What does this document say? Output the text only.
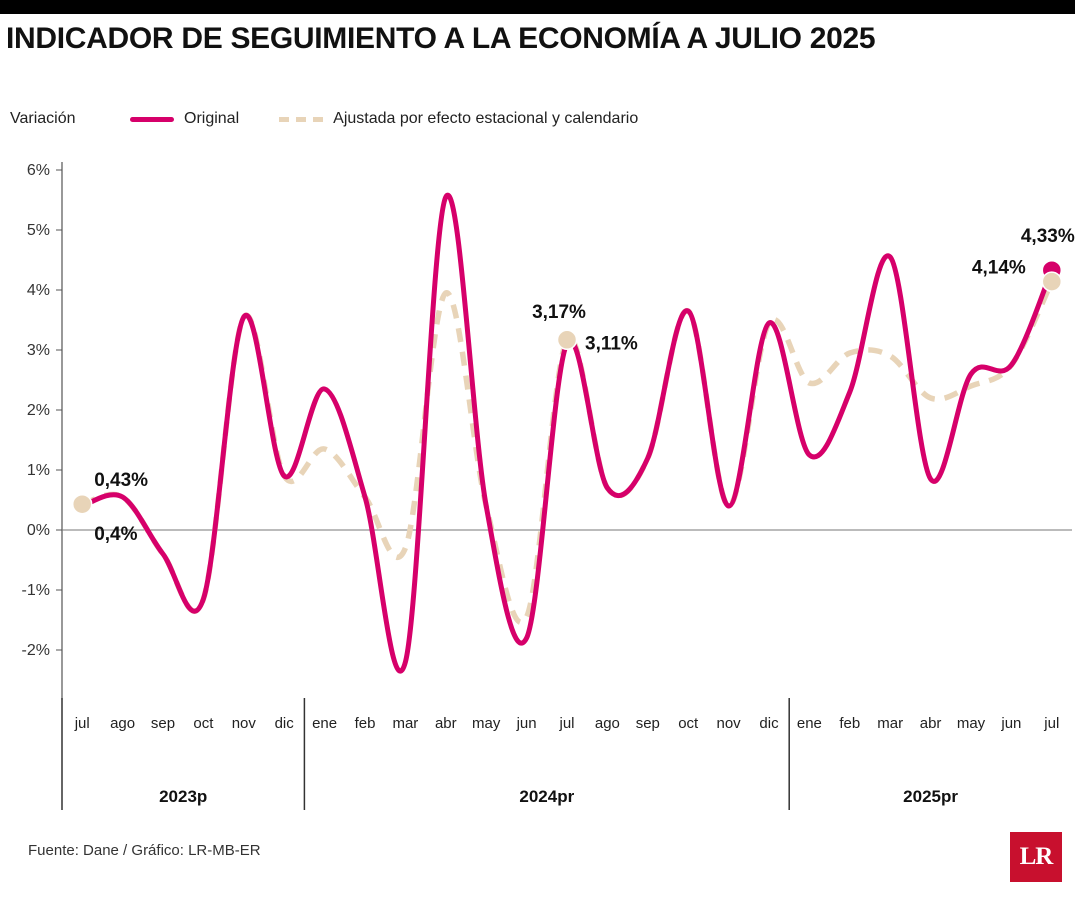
INDICADOR DE SEGUIMIENTO A LA ECONOMÍA A JULIO 2025
Variación	Original	Ajustada por efecto estacional y calendario
-2%
-1%
0%
1%
2%
3%
4%
5%
6%
0,43%
0,4%
3,17%
3,11%
4,33%
4,14%
jul ago sep oct nov dic ene feb mar abr may jun jul ago sep oct nov dic ene feb mar abr may jun jul
2023p	2024pr	2025pr
Fuente: Dane / Gráfico: LR-MB-ER	LR
